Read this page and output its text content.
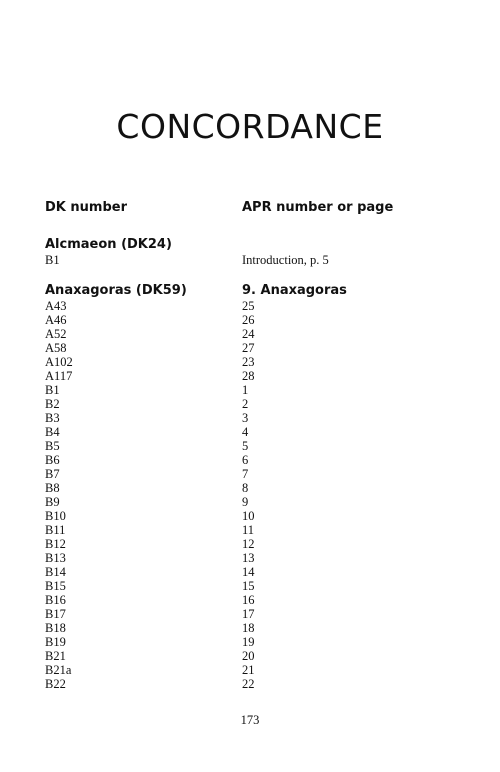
CONCORDANCE
DK number	APR number or page
Alcmaeon (DK24)
B1	Introduction, p. 5
Anaxagoras (DK59)	9. Anaxagoras
A43	25
A46	26
A52	24
A58	27
A102	23
A117	28
B1	1
B2	2
B3	3
B4	4
B5	5
B6	6
B7	7
B8	8
B9	9
B10	10
B11	11
B12	12
B13	13
B14	14
B15	15
B16	16
B17	17
B18	18
B19	19
B21	20
B21a	21
B22	22
173
